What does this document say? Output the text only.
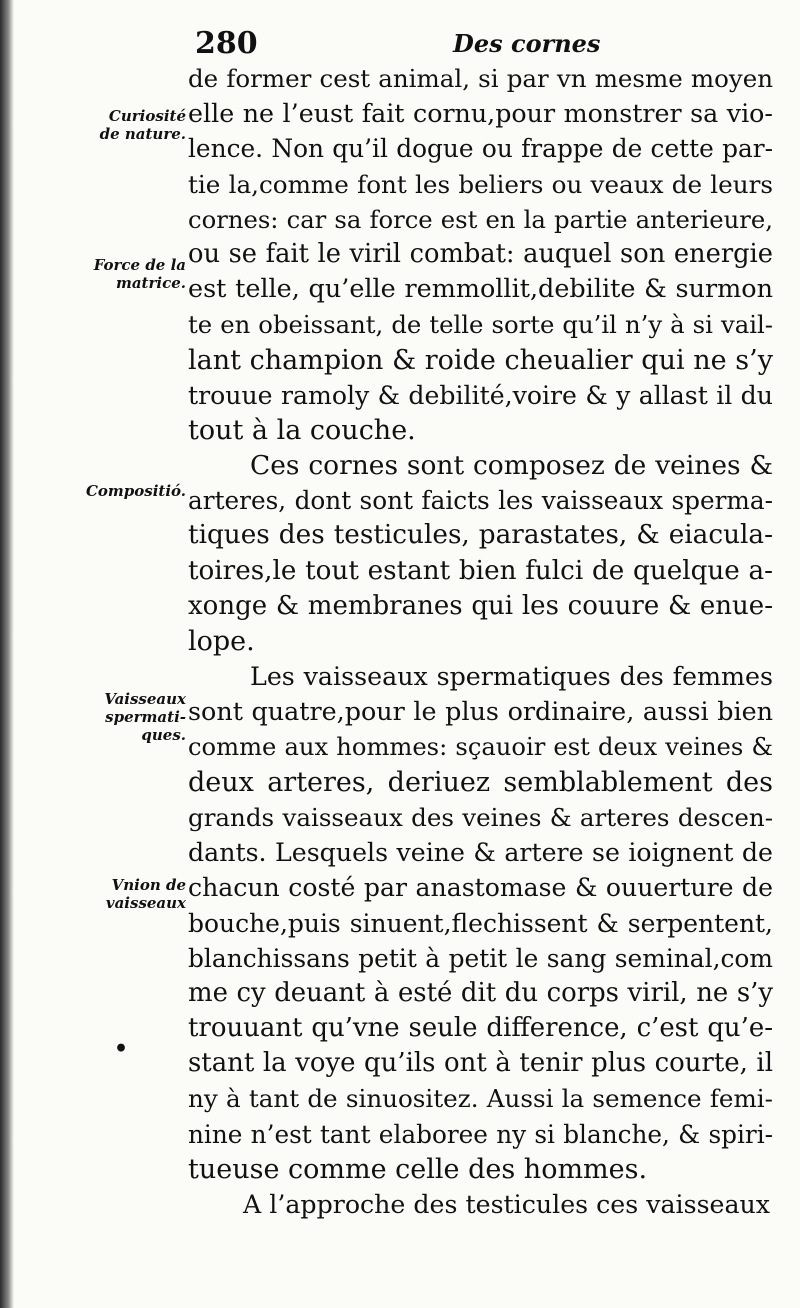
280	Des cornes
Curiosité
de nature.
Force de la
matrice.
Compositió.
Vaisseaux
spermati-
ques.
Vnion de
vaisseaux
•
de former cest animal, si par vn mesme moyen
elle ne l’eust fait cornu,pour monstrer sa vio-
lence. Non qu’il dogue ou frappe de cette par-
tie la,comme font les beliers ou veaux de leurs
cornes: car sa force est en la partie anterieure,
ou se fait le viril combat: auquel son energie
est telle, qu’elle remmollit,debilite & surmon
te en obeissant, de telle sorte qu’il n’y à si vail-
lant champion & roide cheualier qui ne s’y
trouue ramoly & debilité,voire & y allast il du
tout à la couche.
Ces cornes sont composez de veines &
arteres, dont sont faicts les vaisseaux sperma-
tiques des testicules, parastates, & eiacula-
toires,le tout estant bien fulci de quelque a-
xonge & membranes qui les couure & enue-
lope.
Les vaisseaux spermatiques des femmes
sont quatre,pour le plus ordinaire, aussi bien
comme aux hommes: sçauoir est deux veines &
deux arteres, deriuez semblablement des
grands vaisseaux des veines & arteres descen-
dants. Lesquels veine & artere se ioignent de
chacun costé par anastomase & ouuerture de
bouche,puis sinuent,flechissent & serpentent,
blanchissans petit à petit le sang seminal,com
me cy deuant à esté dit du corps viril, ne s’y
trouuant qu’vne seule difference, c’est qu’e-
stant la voye qu’ils ont à tenir plus courte, il
ny à tant de sinuositez. Aussi la semence femi-
nine n’est tant elaboree ny si blanche, & spiri-
tueuse comme celle des hommes.
A l’approche des testicules ces vaisseaux
